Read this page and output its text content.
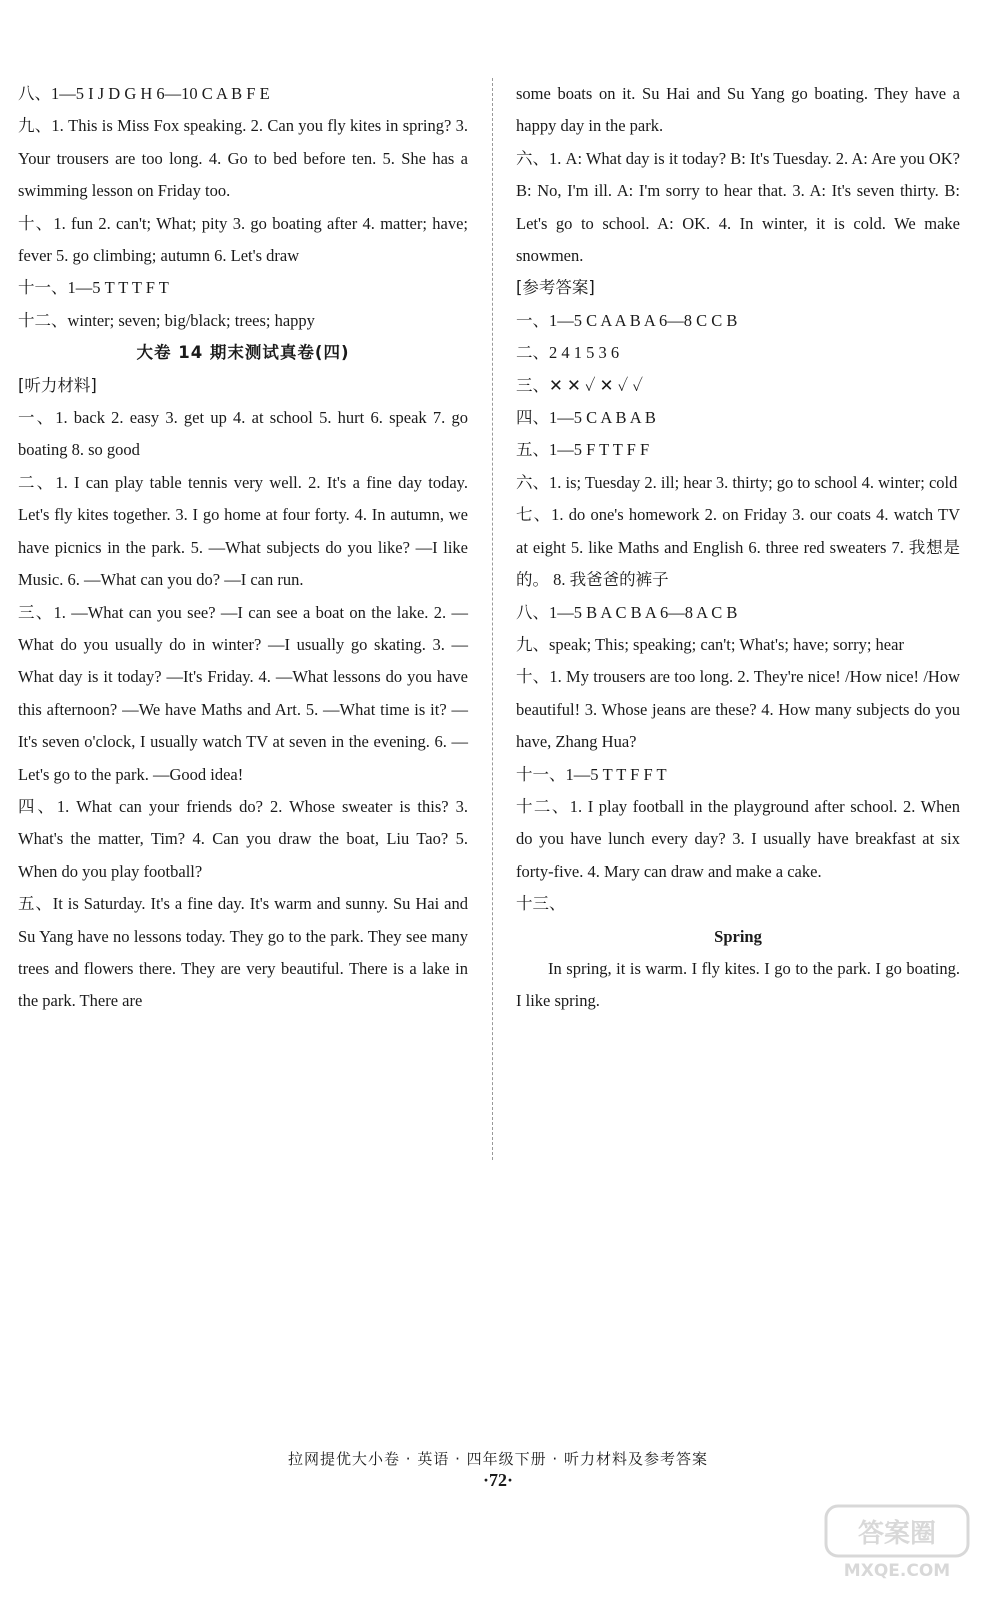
八、1—5 I J D G H 6—10 C A B F E

九、1. This is Miss Fox speaking. 2. Can you fly kites in spring? 3. Your trousers are too long. 4. Go to bed before ten. 5. She has a swimming lesson on Friday too.

十、1. fun 2. can't; What; pity 3. go boating after 4. matter; have; fever 5. go climbing; autumn 6. Let's draw

十一、1—5 T T T F T

十二、winter; seven; big/black; trees; happy

大卷 14 期末测试真卷(四)

[听力材料]

一、1. back 2. easy 3. get up 4. at school 5. hurt 6. speak 7. go boating 8. so good

二、1. I can play table tennis very well. 2. It's a fine day today. Let's fly kites together. 3. I go home at four forty. 4. In autumn, we have picnics in the park. 5. —What subjects do you like? —I like Music. 6. —What can you do? —I can run.

三、1. —What can you see? —I can see a boat on the lake. 2. —What do you usually do in winter? —I usually go skating. 3. —What day is it today? —It's Friday. 4. —What lessons do you have this afternoon? —We have Maths and Art. 5. —What time is it? —It's seven o'clock, I usually watch TV at seven in the evening. 6. —Let's go to the park. —Good idea!

四、1. What can your friends do? 2. Whose sweater is this? 3. What's the matter, Tim? 4. Can you draw the boat, Liu Tao? 5. When do you play football?

五、It is Saturday. It's a fine day. It's warm and sunny. Su Hai and Su Yang have no lessons today. They go to the park. They see many trees and flowers there. They are very beautiful. There is a lake in the park. There are

some boats on it. Su Hai and Su Yang go boating. They have a happy day in the park.

六、1. A: What day is it today? B: It's Tuesday. 2. A: Are you OK? B: No, I'm ill. A: I'm sorry to hear that. 3. A: It's seven thirty. B: Let's go to school. A: OK. 4. In winter, it is cold. We make snowmen.

[参考答案]

一、1—5 C A A B A 6—8 C C B

二、2 4 1 5 3 6

三、✕ ✕ ✓ ✕ ✓ ✓

四、1—5 C A B A B

五、1—5 F T T F F

六、1. is; Tuesday 2. ill; hear 3. thirty; go to school 4. winter; cold

七、1. do one's homework 2. on Friday 3. our coats 4. watch TV at eight 5. like Maths and English 6. three red sweaters 7. 我想是的。 8. 我爸爸的裤子

八、1—5 B A C B A 6—8 A C B

九、speak; This; speaking; can't; What's; have; sorry; hear

十、1. My trousers are too long. 2. They're nice! /How nice! /How beautiful! 3. Whose jeans are these? 4. How many subjects do you have, Zhang Hua?

十一、1—5 T T F F T

十二、1. I play football in the playground after school. 2. When do you have lunch every day? 3. I usually have breakfast at six forty-five. 4. Mary can draw and make a cake.

十三、

Spring

In spring, it is warm. I fly kites. I go to the park. I go boating. I like spring.

拉网提优大小卷 · 英语 · 四年级下册 · 听力材料及参考答案
·72·
答案圈
MXQE.COM
